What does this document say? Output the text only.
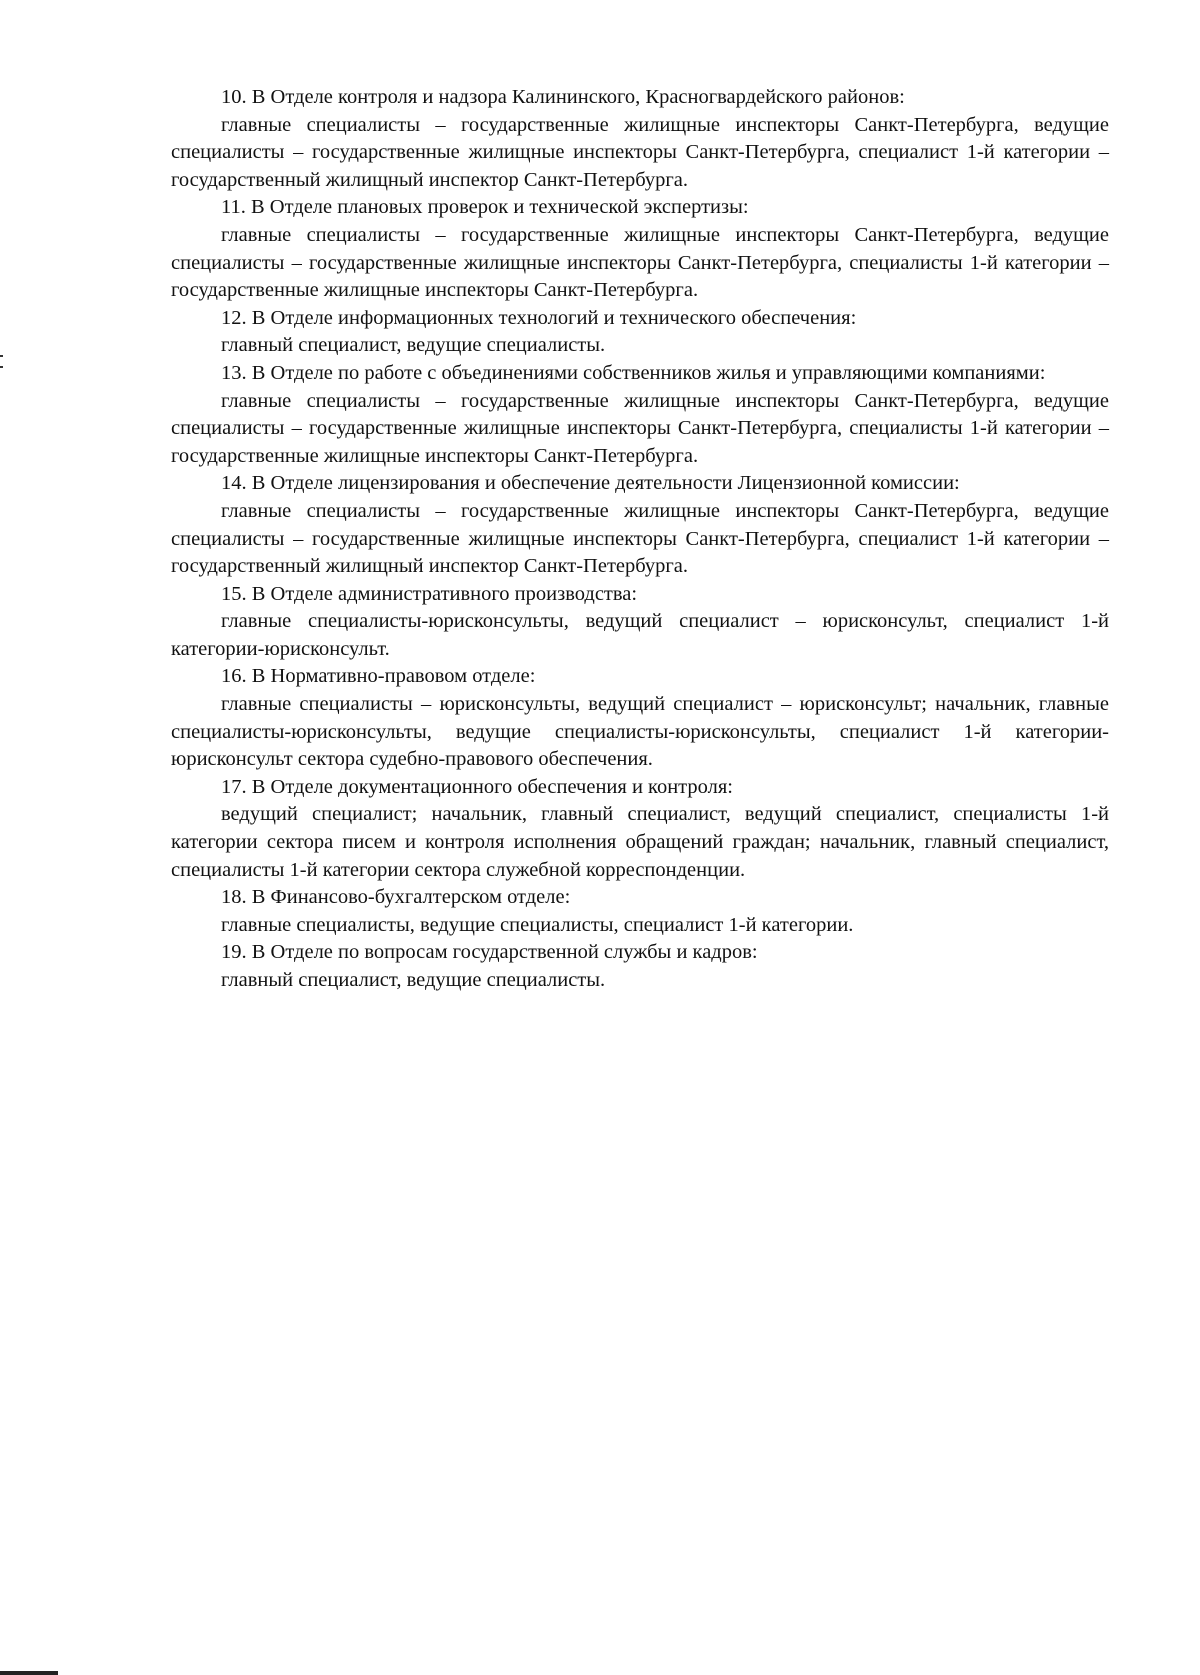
10. В Отделе контроля и надзора Калининского, Красногвардейского районов:

главные специалисты – государственные жилищные инспекторы Санкт-Петербурга, ведущие специалисты – государственные жилищные инспекторы Санкт-Петербурга, специалист 1-й категории – государственный жилищный инспектор Санкт-Петербурга.

11. В Отделе плановых проверок и технической экспертизы:

главные специалисты – государственные жилищные инспекторы Санкт-Петербурга, ведущие специалисты – государственные жилищные инспекторы Санкт-Петербурга, специалисты 1-й категории – государственные жилищные инспекторы Санкт-Петербурга.

12. В Отделе информационных технологий и технического обеспечения:

главный специалист, ведущие специалисты.

13. В Отделе по работе с объединениями собственников жилья и управляющими компаниями:

главные специалисты – государственные жилищные инспекторы Санкт-Петербурга, ведущие специалисты – государственные жилищные инспекторы Санкт-Петербурга, специалисты 1-й категории – государственные жилищные инспекторы Санкт-Петербурга.

14. В Отделе лицензирования и обеспечение деятельности Лицензионной комиссии:

главные специалисты – государственные жилищные инспекторы Санкт-Петербурга, ведущие специалисты – государственные жилищные инспекторы Санкт-Петербурга, специалист 1-й категории – государственный жилищный инспектор Санкт-Петербурга.

15. В Отделе административного производства:

главные специалисты-юрисконсульты, ведущий специалист – юрисконсульт, специалист 1-й категории-юрисконсульт.

16. В Нормативно-правовом отделе:

главные специалисты – юрисконсульты, ведущий специалист – юрисконсульт; начальник, главные специалисты-юрисконсульты, ведущие специалисты-юрисконсульты, специалист 1-й категории-юрисконсульт сектора судебно-правового обеспечения.

17. В Отделе документационного обеспечения и контроля:

ведущий специалист; начальник, главный специалист, ведущий специалист, специалисты 1-й категории сектора писем и контроля исполнения обращений граждан; начальник, главный специалист, специалисты 1-й категории сектора служебной корреспонденции.

18. В Финансово-бухгалтерском отделе:

главные специалисты, ведущие специалисты, специалист 1-й категории.

19. В Отделе по вопросам государственной службы и кадров:

главный специалист, ведущие специалисты.
